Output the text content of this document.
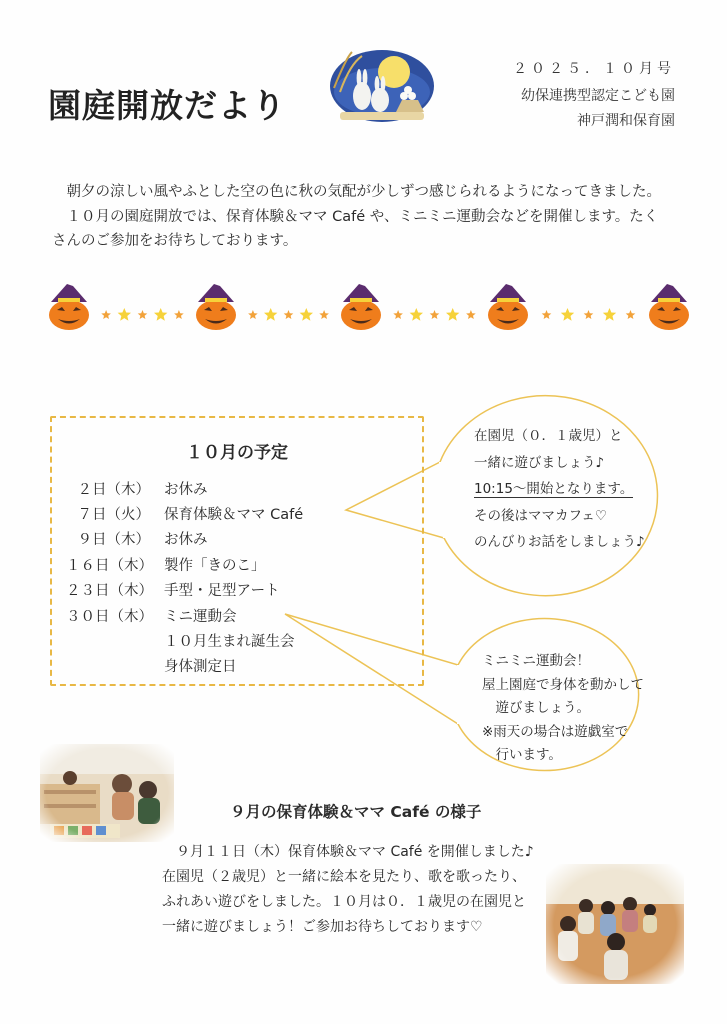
園庭開放だより
２０２５．１０月号
幼保連携型認定こども園
神戸潤和保育園

朝夕の涼しい風やふとした空の色に秋の気配が少しずつ感じられるようになってきました。

１０月の園庭開放では、保育体験＆ママ Café や、ミニミニ運動会などを開催します。たく

さんのご参加をお待ちしております。

１０月の予定
２日（木） お休み
７日（火） 保育体験＆ママ Café
９日（木） お休み
１６日（木） 製作「きのこ」
２３日（木） 手型・足型アート
３０日（木） ミニ運動会
１０月生まれ誕生会
身体測定日
在園児（０．１歳児）と
一緒に遊びましょう♪
10:15〜開始となります。
その後はママカフェ♡
のんびりお話をしましょう♪
ミニミニ運動会！
屋上園庭で身体を動かして
遊びましょう。
※雨天の場合は遊戯室で
行います。
９月の保育体験＆ママ Café の様子
９月１１日（木）保育体験＆ママ Café を開催しました♪
在園児（２歳児）と一緒に絵本を見たり、歌を歌ったり、
ふれあい遊びをしました。１０月は０．１歳児の在園児と
一緒に遊びましょう！ご参加お待ちしております♡
